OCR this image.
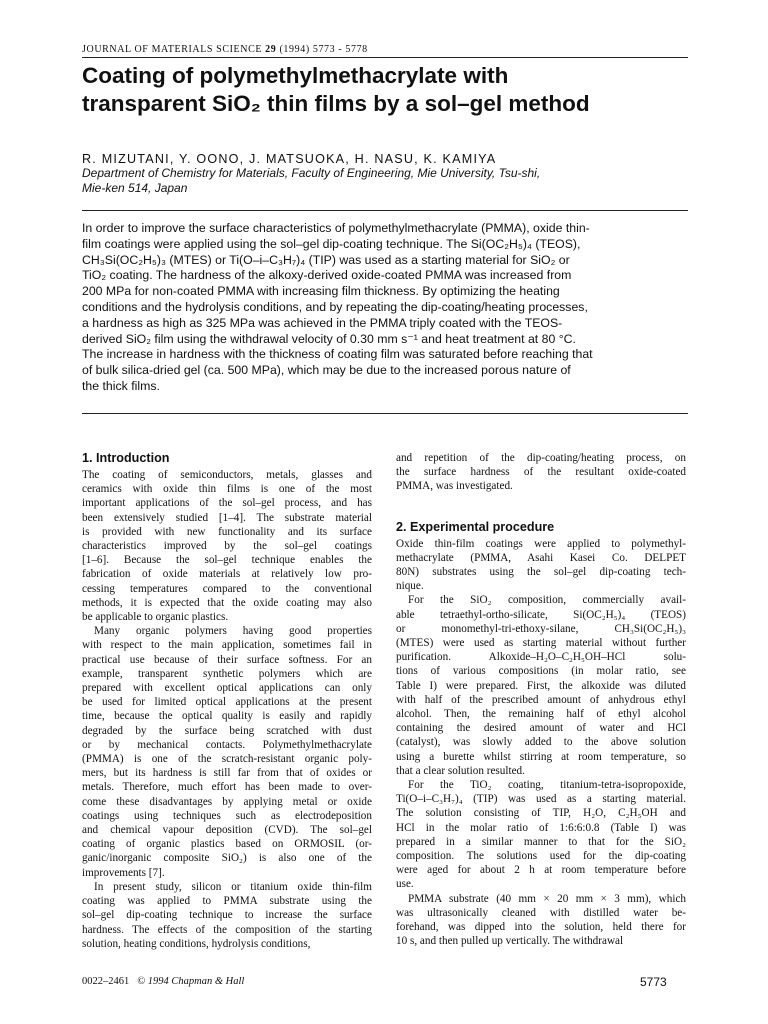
JOURNAL OF MATERIALS SCIENCE 29 (1994) 5773 - 5778
Coating of polymethylmethacrylate with
transparent SiO₂ thin films by a sol–gel method
R. MIZUTANI, Y. OONO, J. MATSUOKA, H. NASU, K. KAMIYA
Department of Chemistry for Materials, Faculty of Engineering, Mie University, Tsu-shi,
Mie-ken 514, Japan
In order to improve the surface characteristics of polymethylmethacrylate (PMMA), oxide thin-
film coatings were applied using the sol–gel dip-coating technique. The Si(OC₂H₅)₄ (TEOS),
CH₃Si(OC₂H₅)₃ (MTES) or Ti(O–i–C₃H₇)₄ (TIP) was used as a starting material for SiO₂ or
TiO₂ coating. The hardness of the alkoxy-derived oxide-coated PMMA was increased from
200 MPa for non-coated PMMA with increasing film thickness. By optimizing the heating
conditions and the hydrolysis conditions, and by repeating the dip-coating/heating processes,
a hardness as high as 325 MPa was achieved in the PMMA triply coated with the TEOS-
derived SiO₂ film using the withdrawal velocity of 0.30 mm s⁻¹ and heat treatment at 80 °C.
The increase in hardness with the thickness of coating film was saturated before reaching that
of bulk silica-dried gel (ca. 500 MPa), which may be due to the increased porous nature of
the thick films.
1. Introduction
The coating of semiconductors, metals, glasses and
ceramics with oxide thin films is one of the most
important applications of the sol–gel process, and has
been extensively studied [1–4]. The substrate material
is provided with new functionality and its surface
characteristics improved by the sol–gel coatings
[1–6]. Because the sol–gel technique enables the
fabrication of oxide materials at relatively low pro-
cessing temperatures compared to the conventional
methods, it is expected that the oxide coating may also
be applicable to organic plastics.
Many organic polymers having good properties
with respect to the main application, sometimes fail in
practical use because of their surface softness. For an
example, transparent synthetic polymers which are
prepared with excellent optical applications can only
be used for limited optical applications at the present
time, because the optical quality is easily and rapidly
degraded by the surface being scratched with dust
or by mechanical contacts. Polymethylmethacrylate
(PMMA) is one of the scratch-resistant organic poly-
mers, but its hardness is still far from that of oxides or
metals. Therefore, much effort has been made to over-
come these disadvantages by applying metal or oxide
coatings using techniques such as electrodeposition
and chemical vapour deposition (CVD). The sol–gel
coating of organic plastics based on ORMOSIL (or-
ganic/inorganic composite SiO₂) is also one of the
improvements [7].
In present study, silicon or titanium oxide thin-film
coating was applied to PMMA substrate using the
sol–gel dip-coating technique to increase the surface
hardness. The effects of the composition of the starting
solution, heating conditions, hydrolysis conditions,
and repetition of the dip-coating/heating process, on
the surface hardness of the resultant oxide-coated
PMMA, was investigated.
2. Experimental procedure
Oxide thin-film coatings were applied to polymethyl-
methacrylate (PMMA, Asahi Kasei Co. DELPET
80N) substrates using the sol–gel dip-coating tech-
nique.
For the SiO₂ composition, commercially avail-
able tetraethyl-ortho-silicate, Si(OC₂H₅)₄ (TEOS)
or monomethyl-tri-ethoxy-silane, CH₃Si(OC₂H₅)₃
(MTES) were used as starting material without further
purification. Alkoxide–H₂O–C₂H₅OH–HCl solu-
tions of various compositions (in molar ratio, see
Table I) were prepared. First, the alkoxide was diluted
with half of the prescribed amount of anhydrous ethyl
alcohol. Then, the remaining half of ethyl alcohol
containing the desired amount of water and HCl
(catalyst), was slowly added to the above solution
using a burette whilst stirring at room temperature, so
that a clear solution resulted.
For the TiO₂ coating, titanium-tetra-isopropoxide,
Ti(O–i–C₃H₇)₄ (TIP) was used as a starting material.
The solution consisting of TIP, H₂O, C₂H₅OH and
HCl in the molar ratio of 1:6:6:0.8 (Table I) was
prepared in a similar manner to that for the SiO₂
composition. The solutions used for the dip-coating
were aged for about 2 h at room temperature before
use.
PMMA substrate (40 mm × 20 mm × 3 mm), which
was ultrasonically cleaned with distilled water be-
forehand, was dipped into the solution, held there for
10 s, and then pulled up vertically. The withdrawal
0022–2461 © 1994 Chapman & Hall	5773
